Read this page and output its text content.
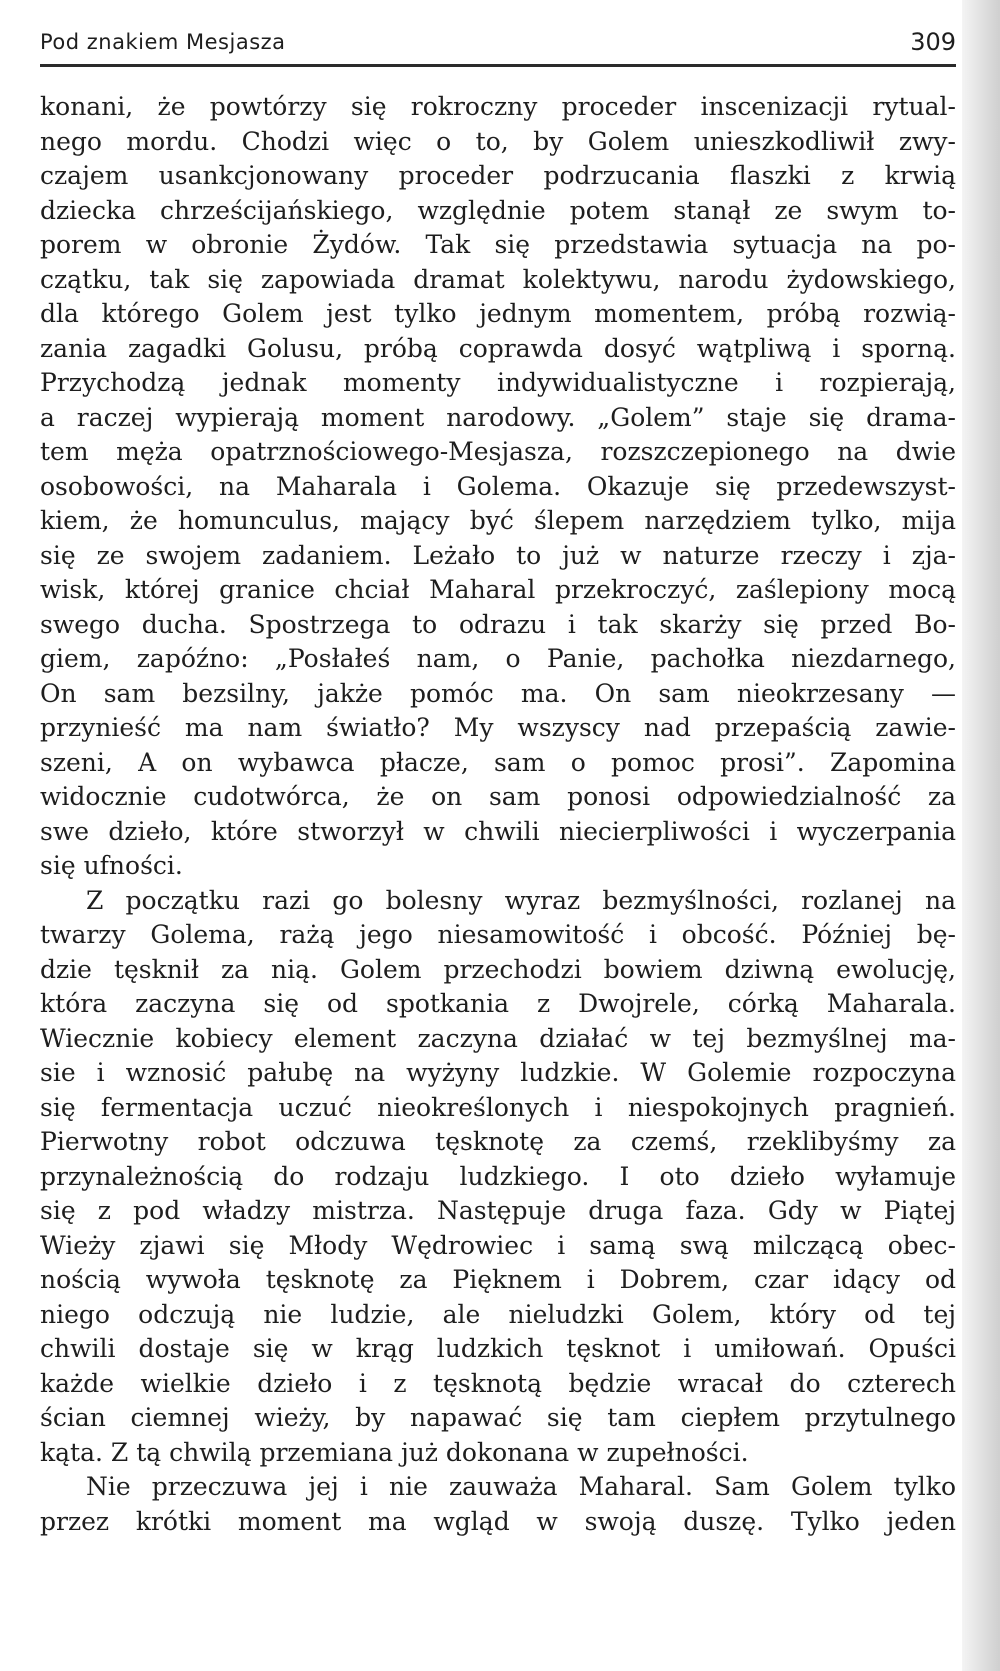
Pod znakiem Mesjasza	309
konani, że powtórzy się rokroczny proceder inscenizacji rytual-
nego mordu. Chodzi więc o to, by Golem unieszkodliwił zwy-
czajem usankcjonowany proceder podrzucania flaszki z krwią
dziecka chrześcijańskiego, względnie potem stanął ze swym to-
porem w obronie Żydów. Tak się przedstawia sytuacja na po-
czątku, tak się zapowiada dramat kolektywu, narodu żydowskiego,
dla którego Golem jest tylko jednym momentem, próbą rozwią-
zania zagadki Golusu, próbą coprawda dosyć wątpliwą i sporną.
Przychodzą jednak momenty indywidualistyczne i rozpierają,
a raczej wypierają moment narodowy. „Golem” staje się drama-
tem męża opatrznościowego-Mesjasza, rozszczepionego na dwie
osobowości, na Maharala i Golema. Okazuje się przedewszyst-
kiem, że homunculus, mający być ślepem narzędziem tylko, mija
się ze swojem zadaniem. Leżało to już w naturze rzeczy i zja-
wisk, której granice chciał Maharal przekroczyć, zaślepiony mocą
swego ducha. Spostrzega to odrazu i tak skarży się przed Bo-
giem, zapóźno: „Posłałeś nam, o Panie, pachołka niezdarnego,
On sam bezsilny, jakże pomóc ma. On sam nieokrzesany —
przynieść ma nam światło? My wszyscy nad przepaścią zawie-
szeni, A on wybawca płacze, sam o pomoc prosi”. Zapomina
widocznie cudotwórca, że on sam ponosi odpowiedzialność za
swe dzieło, które stworzył w chwili niecierpliwości i wyczerpania
się ufności.
Z początku razi go bolesny wyraz bezmyślności, rozlanej na
twarzy Golema, rażą jego niesamowitość i obcość. Później bę-
dzie tęsknił za nią. Golem przechodzi bowiem dziwną ewolucję,
która zaczyna się od spotkania z Dwojrele, córką Maharala.
Wiecznie kobiecy element zaczyna działać w tej bezmyślnej ma-
sie i wznosić pałubę na wyżyny ludzkie. W Golemie rozpoczyna
się fermentacja uczuć nieokreślonych i niespokojnych pragnień.
Pierwotny robot odczuwa tęsknotę za czemś, rzeklibyśmy za
przynależnością do rodzaju ludzkiego. I oto dzieło wyłamuje
się z pod władzy mistrza. Następuje druga faza. Gdy w Piątej
Wieży zjawi się Młody Wędrowiec i samą swą milczącą obec-
nością wywoła tęsknotę za Pięknem i Dobrem, czar idący od
niego odczują nie ludzie, ale nieludzki Golem, który od tej
chwili dostaje się w krąg ludzkich tęsknot i umiłowań. Opuści
każde wielkie dzieło i z tęsknotą będzie wracał do czterech
ścian ciemnej wieży, by napawać się tam ciepłem przytulnego
kąta. Z tą chwilą przemiana już dokonana w zupełności.
Nie przeczuwa jej i nie zauważa Maharal. Sam Golem tylko
przez krótki moment ma wgląd w swoją duszę. Tylko jeden
